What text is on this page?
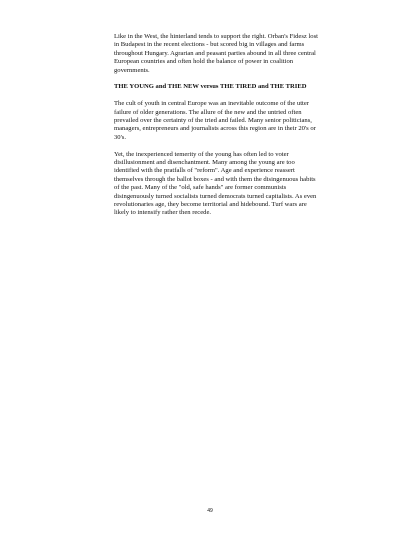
Like in the West, the hinterland tends to support the right. Orban's Fidesz lost in Budapest in the recent elections - but scored big in villages and farms throughout Hungary. Agrarian and peasant parties abound in all three central European countries and often hold the balance of power in coalition governments.

THE YOUNG and THE NEW versus THE TIRED and THE TRIED

The cult of youth in central Europe was an inevitable outcome of the utter failure of older generations. The allure of the new and the untried often prevailed over the certainty of the tried and failed. Many senior politicians, managers, entrepreneurs and journalists across this region are in their 20's or 30's.

Yet, the inexperienced temerity of the young has often led to voter disillusionment and disenchantment. Many among the young are too identified with the pratfalls of "reform". Age and experience reassert themselves through the ballot boxes - and with them the disingenuous habits of the past. Many of the "old, safe hands" are former communists disingenuously turned socialists turned democrats turned capitalists. As even revolutionaries age, they become territorial and hidebound. Turf wars are likely to intensify rather then recede.

49
